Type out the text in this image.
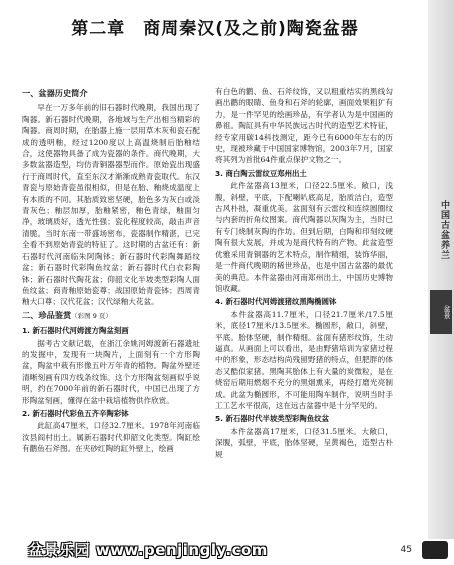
第二章　商周秦汉(及之前)陶瓷盆器
一、盆器历史简介

早在一万多年前的旧石器时代晚期，我国出现了陶器。新石器时代晚期，各地域与生产出相当精彩的陶器。商周时期，在胎器上施一层用草木灰和瓷石配成的透明釉，经过1200度以上高温烧制后胎釉结合，这使器物具备了成为瓷器的条件。商代晚期，大多数盆器造型，均仿青铜器器型而作。原始瓷出现盛行于商周时代，直至东汉才渐渐成熟青瓷取代。东汉青瓷与原始青瓷虽很相似，但是在胎、釉烧成温度上有本质的不同。其胎质致密坚硬，胎色多为灰白或淡青灰色；釉层加厚，胎釉紧密，釉色青绿，釉面匀净，玻璃质好，透光性强；瓷化程度较高，敲击声音清脆。当时东南一带盛场密布，瓷器制作精湛，已完全看不到原始青瓷的特征了。这时期的古盆还有：新石器时代河南临朱阿陶钵；新石器时代彩陶舞蹈纹盆；新石器时代彩陶鱼纹盆；新石器时代白衣彩陶钵；新石器时代陶花盆；仰韶文化半坡类型彩陶人面鱼纹盆；商青釉原始瓷尊；战国原始青瓷钵；西周青釉大口尊；汉代花盆；汉代绿釉大花盆。

二、珍品鉴赏（彩图 9 页）
1. 新石器时代河姆渡方陶盆刻画

据考古文献记载，在浙江余姚河姆渡新石器遗址的发掘中，发现有一块陶片，上面刻有一个方形陶盆，陶盆中栽有形像五叶万年青的植物。陶盆外壁还清晰刻画有四方线条纹饰。这个方形陶盆刻画似乎说明，约在7000年前的新石器时代，中国已出现了方形陶盆刻画，懂得在盆中栽培植物供作欣赏。

2. 新石器时代彩鱼五齐辛陶彩钵

此缸高47厘米，口径32.7厘米。1978年河南临汝县阎村出土。属新石器时代仰韶文化类型。陶缸绘有鹳鱼石斧图。在夹砂红陶的缸外壁上，绘画

有白色的鹳、鱼、石斧纹饰，又以粗重结实的黑线勾画出鹳的眼睛、鱼身和石斧的轮廓，画面效果粗犷有力，是一件罕见的绘画珍品，有学者认为是中国画的鼻祖。陶缸具有中华民族远古时代的造型艺术特征，经专家用碳14科技测定，距今已有6000年左右的历史，现被珍藏于中国国家博物馆，2003年7月，国家将其列为首批64件重点保护文物之一。

3. 商白陶云雷纹豆郑州出土

此件盆器高13厘米，口径22.5厘米。敞口，浅腹，斜壁，平底，下配喇叭底高足，胎质洁白，造型古风朴拙，凝重优美。盆面刻有云雷纹和连续圆圈纹与内套的折角纹图案。商代陶器以灰陶为主，当时已有专门烧制灰陶的作坊。但到后期，白陶和印刻纹硬陶有很大发展，并成为是商代特有的产物。此盆造型优雅采用青铜器的艺术特点，制作精细，装饰华丽，是一件商代晚期的稀世珍品，也是中国古盆器的最优美的典范。本件盆器由河南郑州出土，中国历史博物馆收藏。

4. 新石器时代河姆渡猪纹黑陶椭圆钵

本件盆器高11.7厘米，口径21.7厘米/17.5厘米，底径17厘米/13.5厘米。椭圆形，敞口，斜壁，平底。胎体坚硬，制作精细。盆面有猪形纹饰，生动逼真。从画面上可以看出，是由野猪培训为家猪过程中的形象，形态结构尚残留野猪的特点，但肥胖的体态又酷似家猪。黑陶其胎体上有大量的炭微粒，是在烧窑后期用燃烟不充分的黑烟熏来，再经打磨光亮制成。此盆为椭圆形，不可能用陶车制作，说明当时手工工艺水平很高，这在远古盆器中是十分罕见的。

5. 新石器时代半坡类型彩陶鱼纹盆

本件盆器高17厘米，口径31.5厘米。大敞口，深腹，弧壁，平底，胎体坚硬，呈黄褐色，造型古朴规

中国古盆养兰
盆景
盆景乐园 www.penjingly.com	45
